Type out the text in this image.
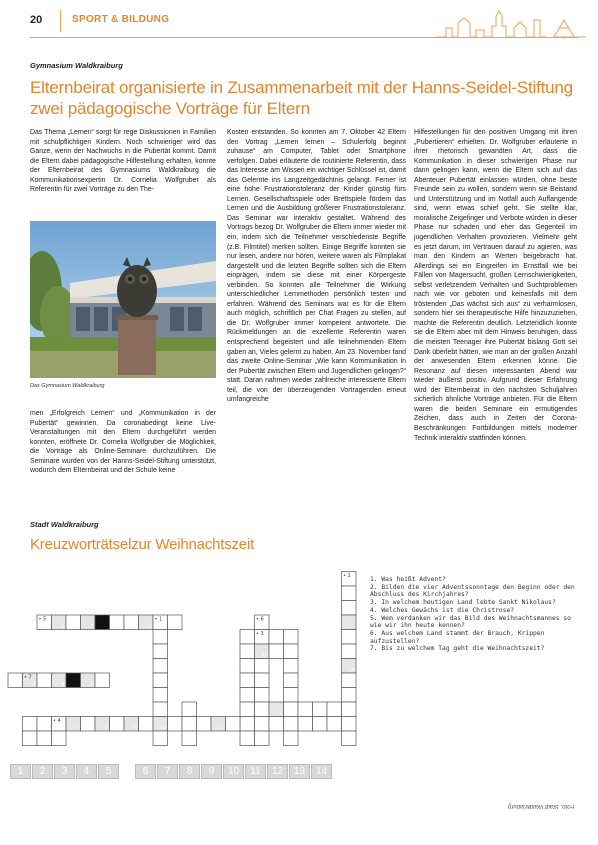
20	SPORT & BILDUNG
Gymnasium Waldkraiburg
Elternbeirat organisierte in Zusammenarbeit mit der Hanns-Seidel-Stiftung zwei pädagogische Vorträge für Eltern

Das Thema „Lernen“ sorgt für rege Diskussionen in Familien mit schulpflichtigen Kindern. Noch schwieriger wird das Ganze, wenn der Nachwuchs in die Pubertät kommt. Damit die Eltern dabei pädagogische Hilfestellung erhalten, konnte der Elternbeirat des Gymnasiums Waldkraiburg die Kommunikationsexpertin Dr. Cornelia Wolfgruber als Referentin für zwei Vorträge zu den The-

Das Gymnasium Waldkraiburg

men „Erfolgreich Lernen“ und „Kommunikation in der Pubertät“ gewinnen. Da coronabedingt keine Live-Veranstaltungen mit den Eltern durchgeführt werden konnten, eröffnete Dr. Cornelia Wolfgruber die Möglichkeit, die Vorträge als Online-Seminare durchzuführen. Die Seminare wurden von der Hanns-Seidel-Stiftung unterstützt, wodurch dem Elternbeirat und der Schule keine

Kosten entstanden. So konnten am 7. Oktober 42 Eltern den Vortrag „Lernen lernen – Schulerfolg beginnt zuhause“ am Computer, Tablet oder Smartphone verfolgen. Dabei erläuterte die routinierte Referentin, dass das Interesse am Wissen ein wichtiger Schlüssel ist, damit das Gelernte ins Langzeitgedächtnis gelangt. Ferner ist eine hohe Frustrationstoleranz der Kinder günstig fürs Lernen. Gesellschaftsspiele oder Brettspiele fördern das Lernen und die Ausbildung größerer Frustrationstoleranz. Das Seminar war interaktiv gestaltet. Während des Vortrags bezog Dr. Wolfgruber die Eltern immer wieder mit ein, indem sich die Teilnehmer verschiedenste Begriffe (z.B. Filmtitel) merken sollten. Einige Begriffe konnten sie nur lesen, andere nur hören, weitere waren als Filmplakat dargestellt und die letzten Begriffe sollten sich die Eltern einprägen, indem sie diese mit einer Körpergeste verbinden. So konnten alle Teilnehmer die Wirkung unterschiedlicher Lernmethoden persönlich testen und erfahren. Während des Seminars war es für die Eltern auch möglich, schriftlich per Chat Fragen zu stellen, auf die Dr. Wolfgruber immer kompetent antwortete. Die Rückmeldungen an die exzellente Referentin waren entsprechend begeistert und alle teilnehmenden Eltern gaben an, Vieles gelernt zu haben. Am 23. November fand das zweite Online-Seminar „Wie kann Kommunikation in der Pubertät zwischen Eltern und Jugendlichen gelingen?“ statt. Daran nahmen wieder zahlreiche interessierte Eltern teil, die von der überzeugenden Vortragenden erneut umfangreiche

Hilfestellungen für den positiven Umgang mit ihren „Pubertieren“ erhielten. Dr. Wolfgruber erläuterte in ihrer rhetorisch gewandten Art, dass die Kommunikation in dieser schwierigen Phase nur dann gelingen kann, wenn die Eltern sich auf das Abenteuer Pubertät einlassen würden, ohne beste Freunde sein zu wollen, sondern wenn sie Beistand und Unterstützung und im Notfall auch Auffangende sind, wenn etwas schief geht. Sie stellte klar, moralische Zeigefinger und Verbote würden in dieser Phase nur schaden und eher das Gegenteil im jugendlichen Verhalten provozieren. Vielmehr geht es jetzt darum, im Vertrauen darauf zu agieren, was man den Kindern an Werten beigebracht hat. Allerdings sei ein Eingreifen im Ernstfall wie bei Fällen von Magersucht, großen Lernschwierigkeiten, selbst verletzendem Verhalten und Suchtproblemen nach wie vor geboten und keinesfalls mit dem tröstenden „Das wächst sich aus“ zu verharmlosen, sondern hier sei therapeutische Hilfe hinzuzuziehen, machte die Referentin deutlich. Letztendlich konnte sie die Eltern aber mit dem Hinweis beruhigen, dass die meisten Teenager ihre Pubertät bislang Gott sei Dank überlebt hätten, wie man an der großen Anzahl der anwesenden Eltern erkennen könne. Die Resonanz auf diesen interessanten Abend war wieder äußerst positiv. Aufgrund dieser Erfahrung wird der Elternbeirat in den nächsten Schuljahren sicherlich ähnliche Vorträge anbieten. Für die Eltern waren die beiden Seminare ein ermutigendes Zeichen, dass auch in Zeiten der Corona-Beschränkungen Fortbildungen mittels moderner Technik interaktiv stattfinden können.

Stadt Waldkraiburg
Kreuzworträtselzur Weihnachtszeit
1. Was heißt Advent?
2. Bilden die vier Adventssonntage den Beginn oder den Abschluss des Kirchjahres?
3. In welchem heutigen Land lebte Sankt Nikolaus?
4. Welches Gewächs ist die Christrose?
5. Wem verdanken wir das Bild des Weihnachtsmannes so wie wir ihn heute kennen?
6. Aus welchem Land stammt der Brauch, Krippen aufzustellen?
7. Bis zu welchem Tag geht die Weihnachtszeit?
• 1
• 2
• 3
• 4
• 5	• 6
• 7
1	2	3
4	5	6
7	8	9	10	11
12
13
14
1	2	3	4	5	6	7	8	9	10	11	12	13	14
Foto: Stadt Waldkraiburg
